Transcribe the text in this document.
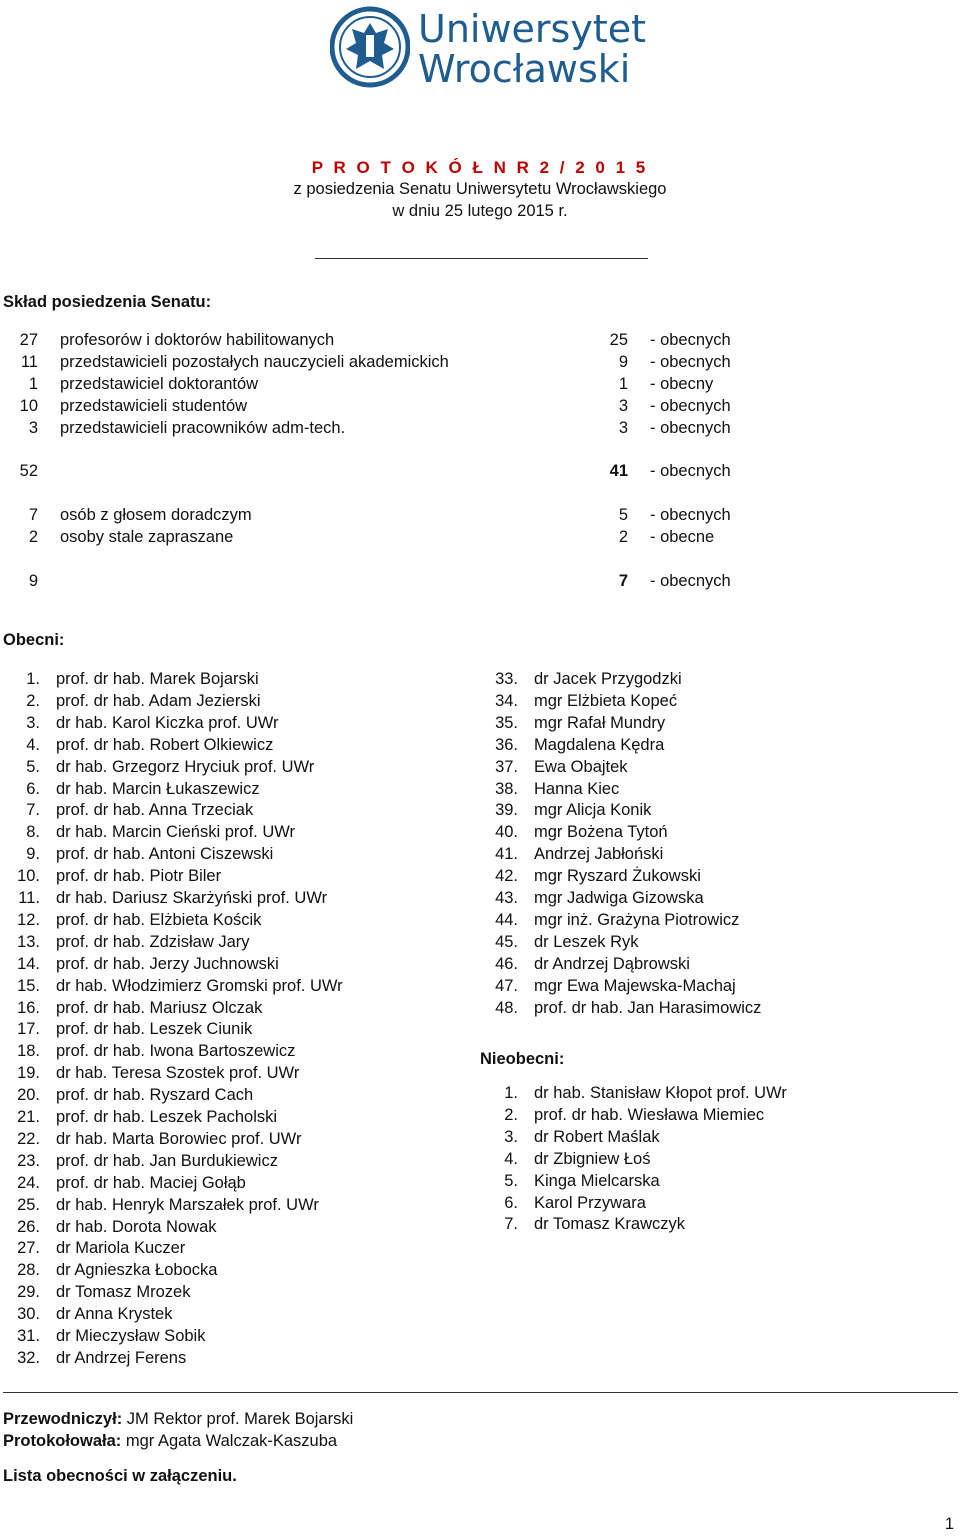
Uniwersytet
Wrocławski
P R O T O K Ó Ł N R 2 / 2 0 1 5
z posiedzenia Senatu Uniwersytetu Wrocławskiego
w dniu 25 lutego 2015 r.
Skład posiedzenia Senatu:
27 profesorów i doktorów habilitowanych	25 - obecnych
11 przedstawicieli pozostałych nauczycieli akademickich	9 - obecnych
1 przedstawiciel doktorantów	1 - obecny
10 przedstawicieli studentów	3 - obecnych
3 przedstawicieli pracowników adm-tech.	3 - obecnych
52	41 - obecnych
7 osób z głosem doradczym	5 - obecnych
2 osoby stale zapraszane	2 - obecne
9	7 - obecnych
Obecni:
1. prof. dr hab. Marek Bojarski
2. prof. dr hab. Adam Jezierski
3. dr hab. Karol Kiczka prof. UWr
4. prof. dr hab. Robert Olkiewicz
5. dr hab. Grzegorz Hryciuk prof. UWr
6. dr hab. Marcin Łukaszewicz
7. prof. dr hab. Anna Trzeciak
8. dr hab. Marcin Cieński prof. UWr
9. prof. dr hab. Antoni Ciszewski
10. prof. dr hab. Piotr Biler
11. dr hab. Dariusz Skarżyński prof. UWr
12. prof. dr hab. Elżbieta Kościk
13. prof. dr hab. Zdzisław Jary
14. prof. dr hab. Jerzy Juchnowski
15. dr hab. Włodzimierz Gromski prof. UWr
16. prof. dr hab. Mariusz Olczak
17. prof. dr hab. Leszek Ciunik
18. prof. dr hab. Iwona Bartoszewicz
19. dr hab. Teresa Szostek prof. UWr
20. prof. dr hab. Ryszard Cach
21. prof. dr hab. Leszek Pacholski
22. dr hab. Marta Borowiec prof. UWr
23. prof. dr hab. Jan Burdukiewicz
24. prof. dr hab. Maciej Gołąb
25. dr hab. Henryk Marszałek prof. UWr
26. dr hab. Dorota Nowak
27. dr Mariola Kuczer
28. dr Agnieszka Łobocka
29. dr Tomasz Mrozek
30. dr Anna Krystek
31. dr Mieczysław Sobik
32. dr Andrzej Ferens
33. dr Jacek Przygodzki
34. mgr Elżbieta Kopeć
35. mgr Rafał Mundry
36. Magdalena Kędra
37. Ewa Obajtek
38. Hanna Kiec
39. mgr Alicja Konik
40. mgr Bożena Tytoń
41. Andrzej Jabłoński
42. mgr Ryszard Żukowski
43. mgr Jadwiga Gizowska
44. mgr inż. Grażyna Piotrowicz
45. dr Leszek Ryk
46. dr Andrzej Dąbrowski
47. mgr Ewa Majewska-Machaj
48. prof. dr hab. Jan Harasimowicz
Nieobecni:
1. dr hab. Stanisław Kłopot prof. UWr
2. prof. dr hab. Wiesława Miemiec
3. dr Robert Maślak
4. dr Zbigniew Łoś
5. Kinga Mielcarska
6. Karol Przywara
7. dr Tomasz Krawczyk
Przewodniczył: JM Rektor prof. Marek Bojarski
Protokołowała: mgr Agata Walczak-Kaszuba
Lista obecności w załączeniu.
1
